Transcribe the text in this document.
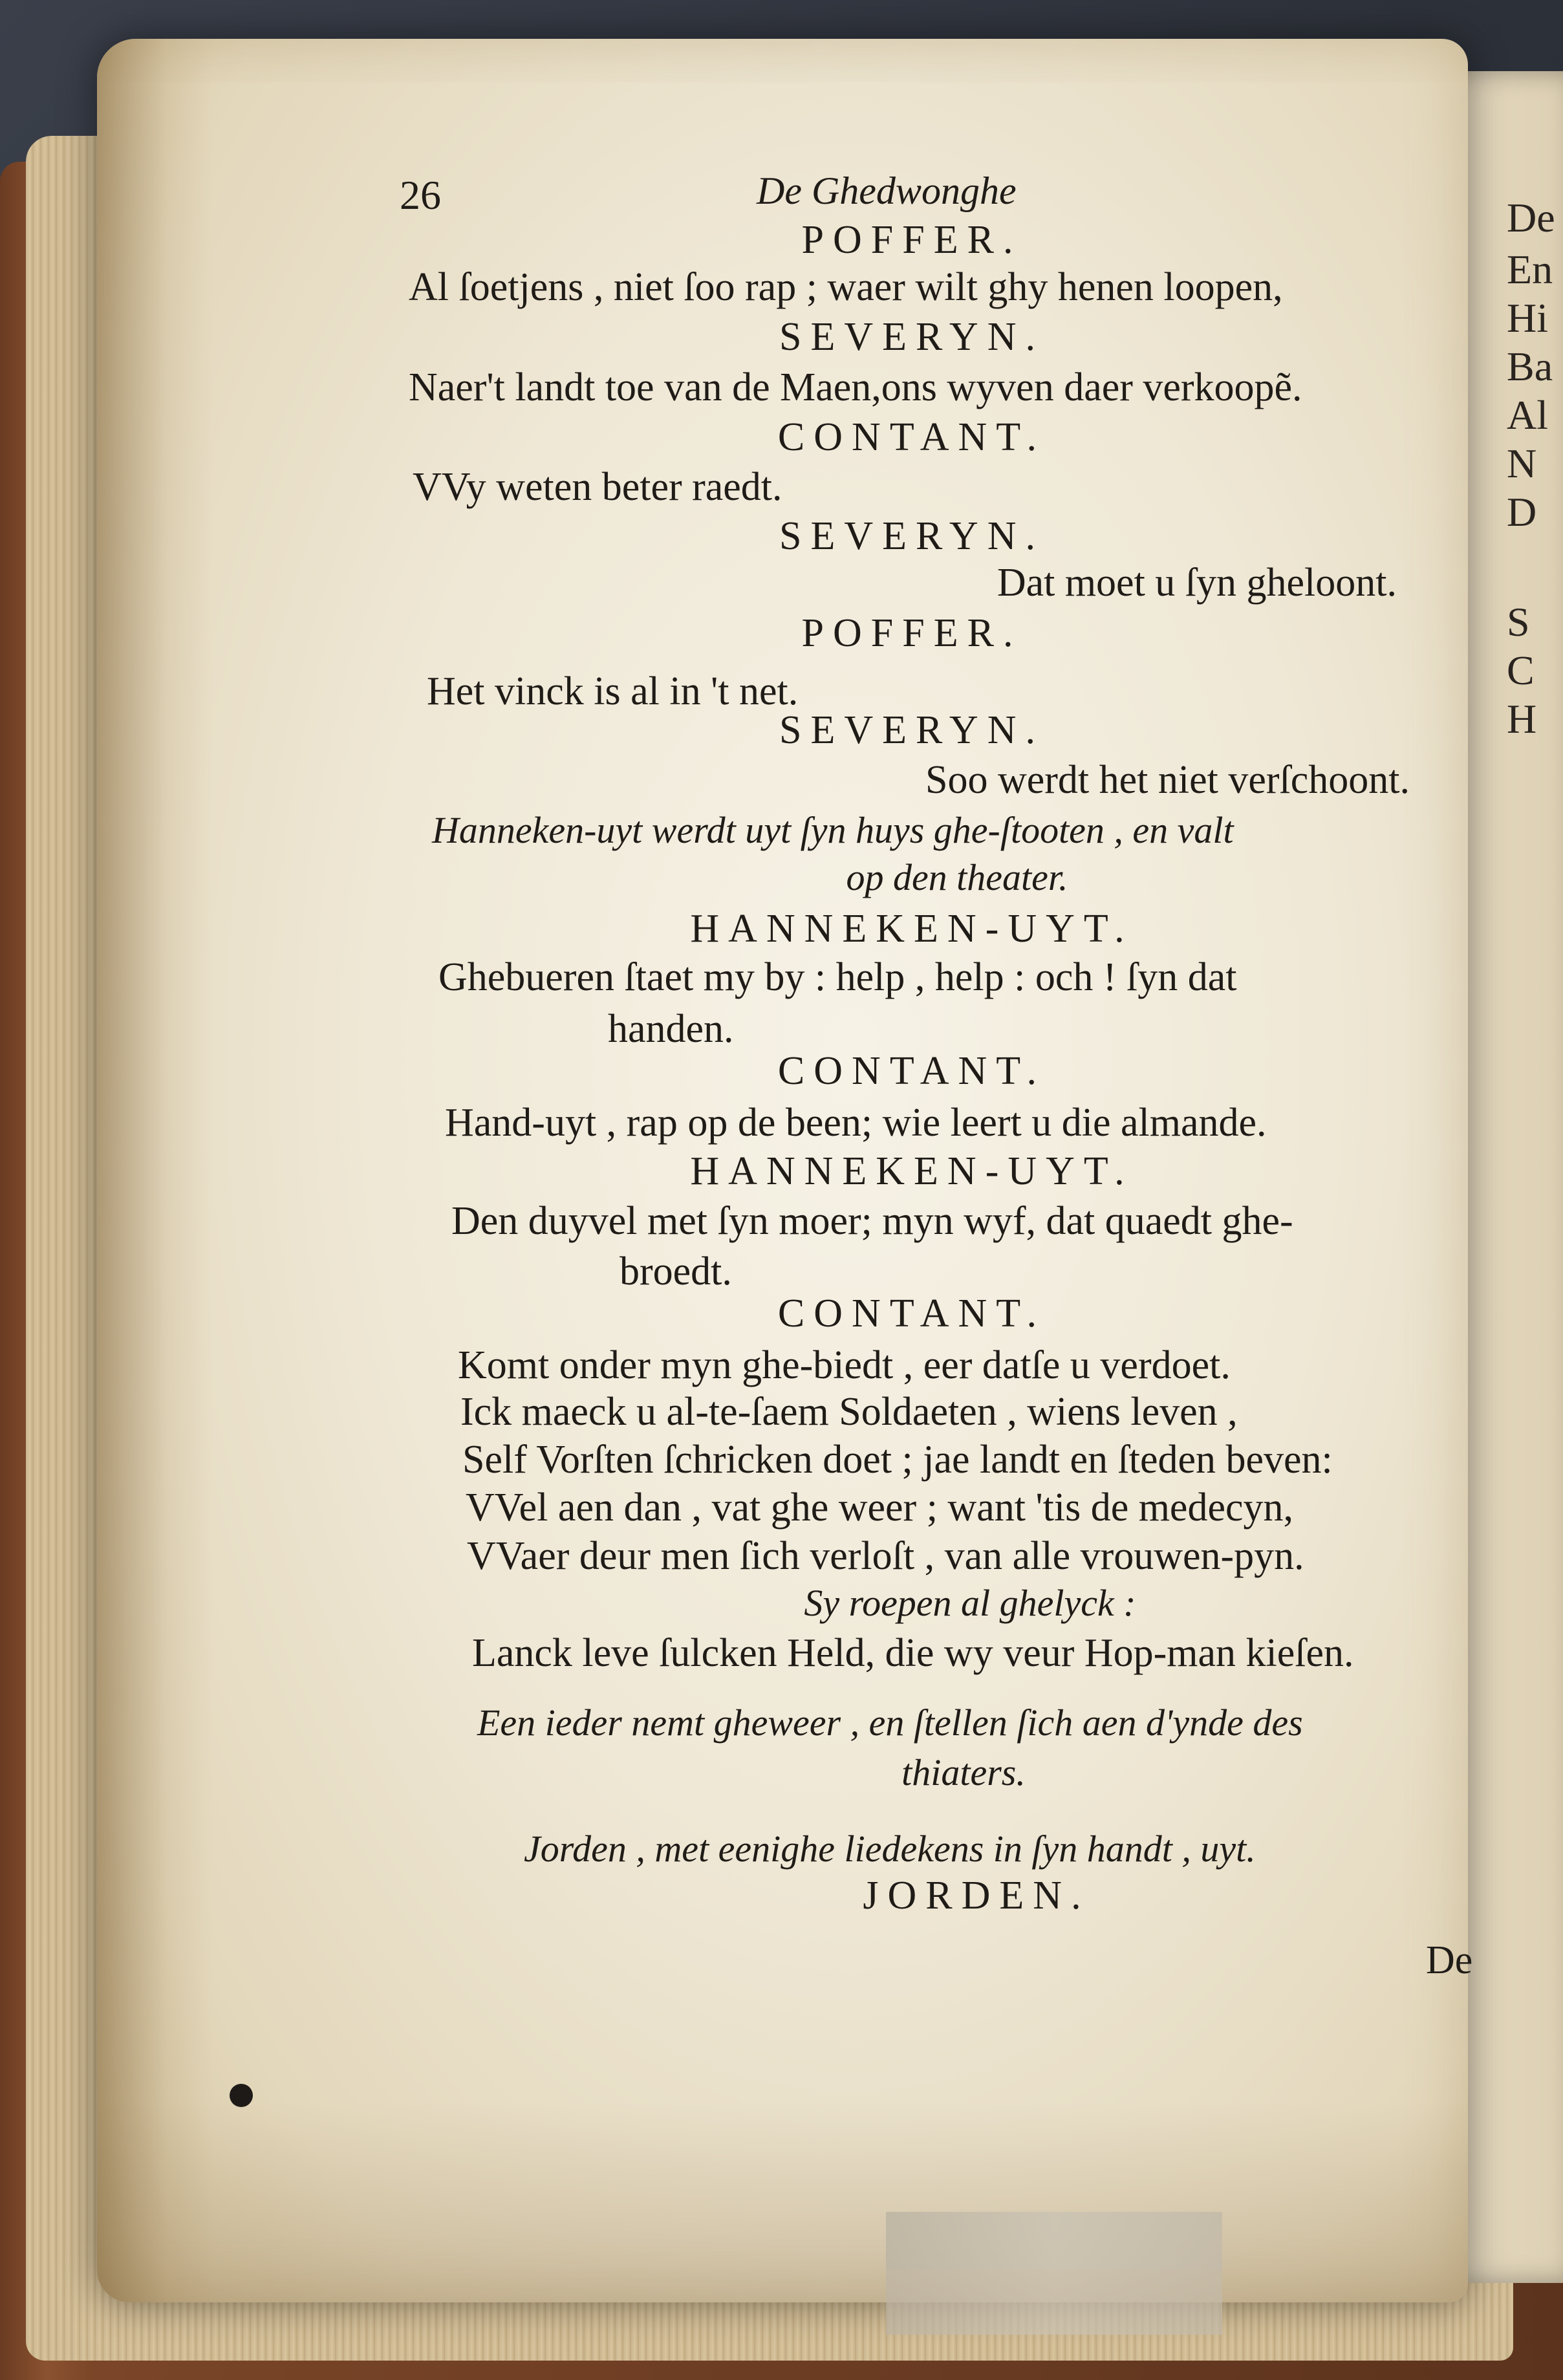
De
En
Hi
Ba
Al
N
D
S
C
H
26	De Ghedwonghe
POFFER.
Al ſoetjens , niet ſoo rap ; waer wilt ghy henen loopen,
SEVERYN.
Naer't landt toe van de Maen,ons wyven daer verkoopẽ.
CONTANT.
VVy weten beter raedt.
SEVERYN.
Dat moet u ſyn gheloont.
POFFER.
Het vinck is al in 't net.
SEVERYN.
Soo werdt het niet verſchoont.
Hanneken-uyt werdt uyt ſyn huys ghe-ſtooten , en valt
op den theater.
HANNEKEN-UYT.
Ghebueren ſtaet my by : help , help : och ! ſyn dat
handen.
CONTANT.
Hand-uyt , rap op de been; wie leert u die almande.
HANNEKEN-UYT.
Den duyvel met ſyn moer; myn wyf, dat quaedt ghe-
broedt.
CONTANT.
Komt onder myn ghe-biedt , eer datſe u verdoet.
Ick maeck u al-te-ſaem Soldaeten , wiens leven ,
Self Vorſten ſchricken doet ; jae landt en ſteden beven:
VVel aen dan , vat ghe weer ; want 'tis de medecyn,
VVaer deur men ſich verloſt , van alle vrouwen-pyn.
Sy roepen al ghelyck :
Lanck leve ſulcken Held, die wy veur Hop-man kieſen.
Een ieder nemt gheweer , en ſtellen ſich aen d'ynde des
thiaters.
Jorden , met eenighe liedekens in ſyn handt , uyt.
JORDEN.
De
